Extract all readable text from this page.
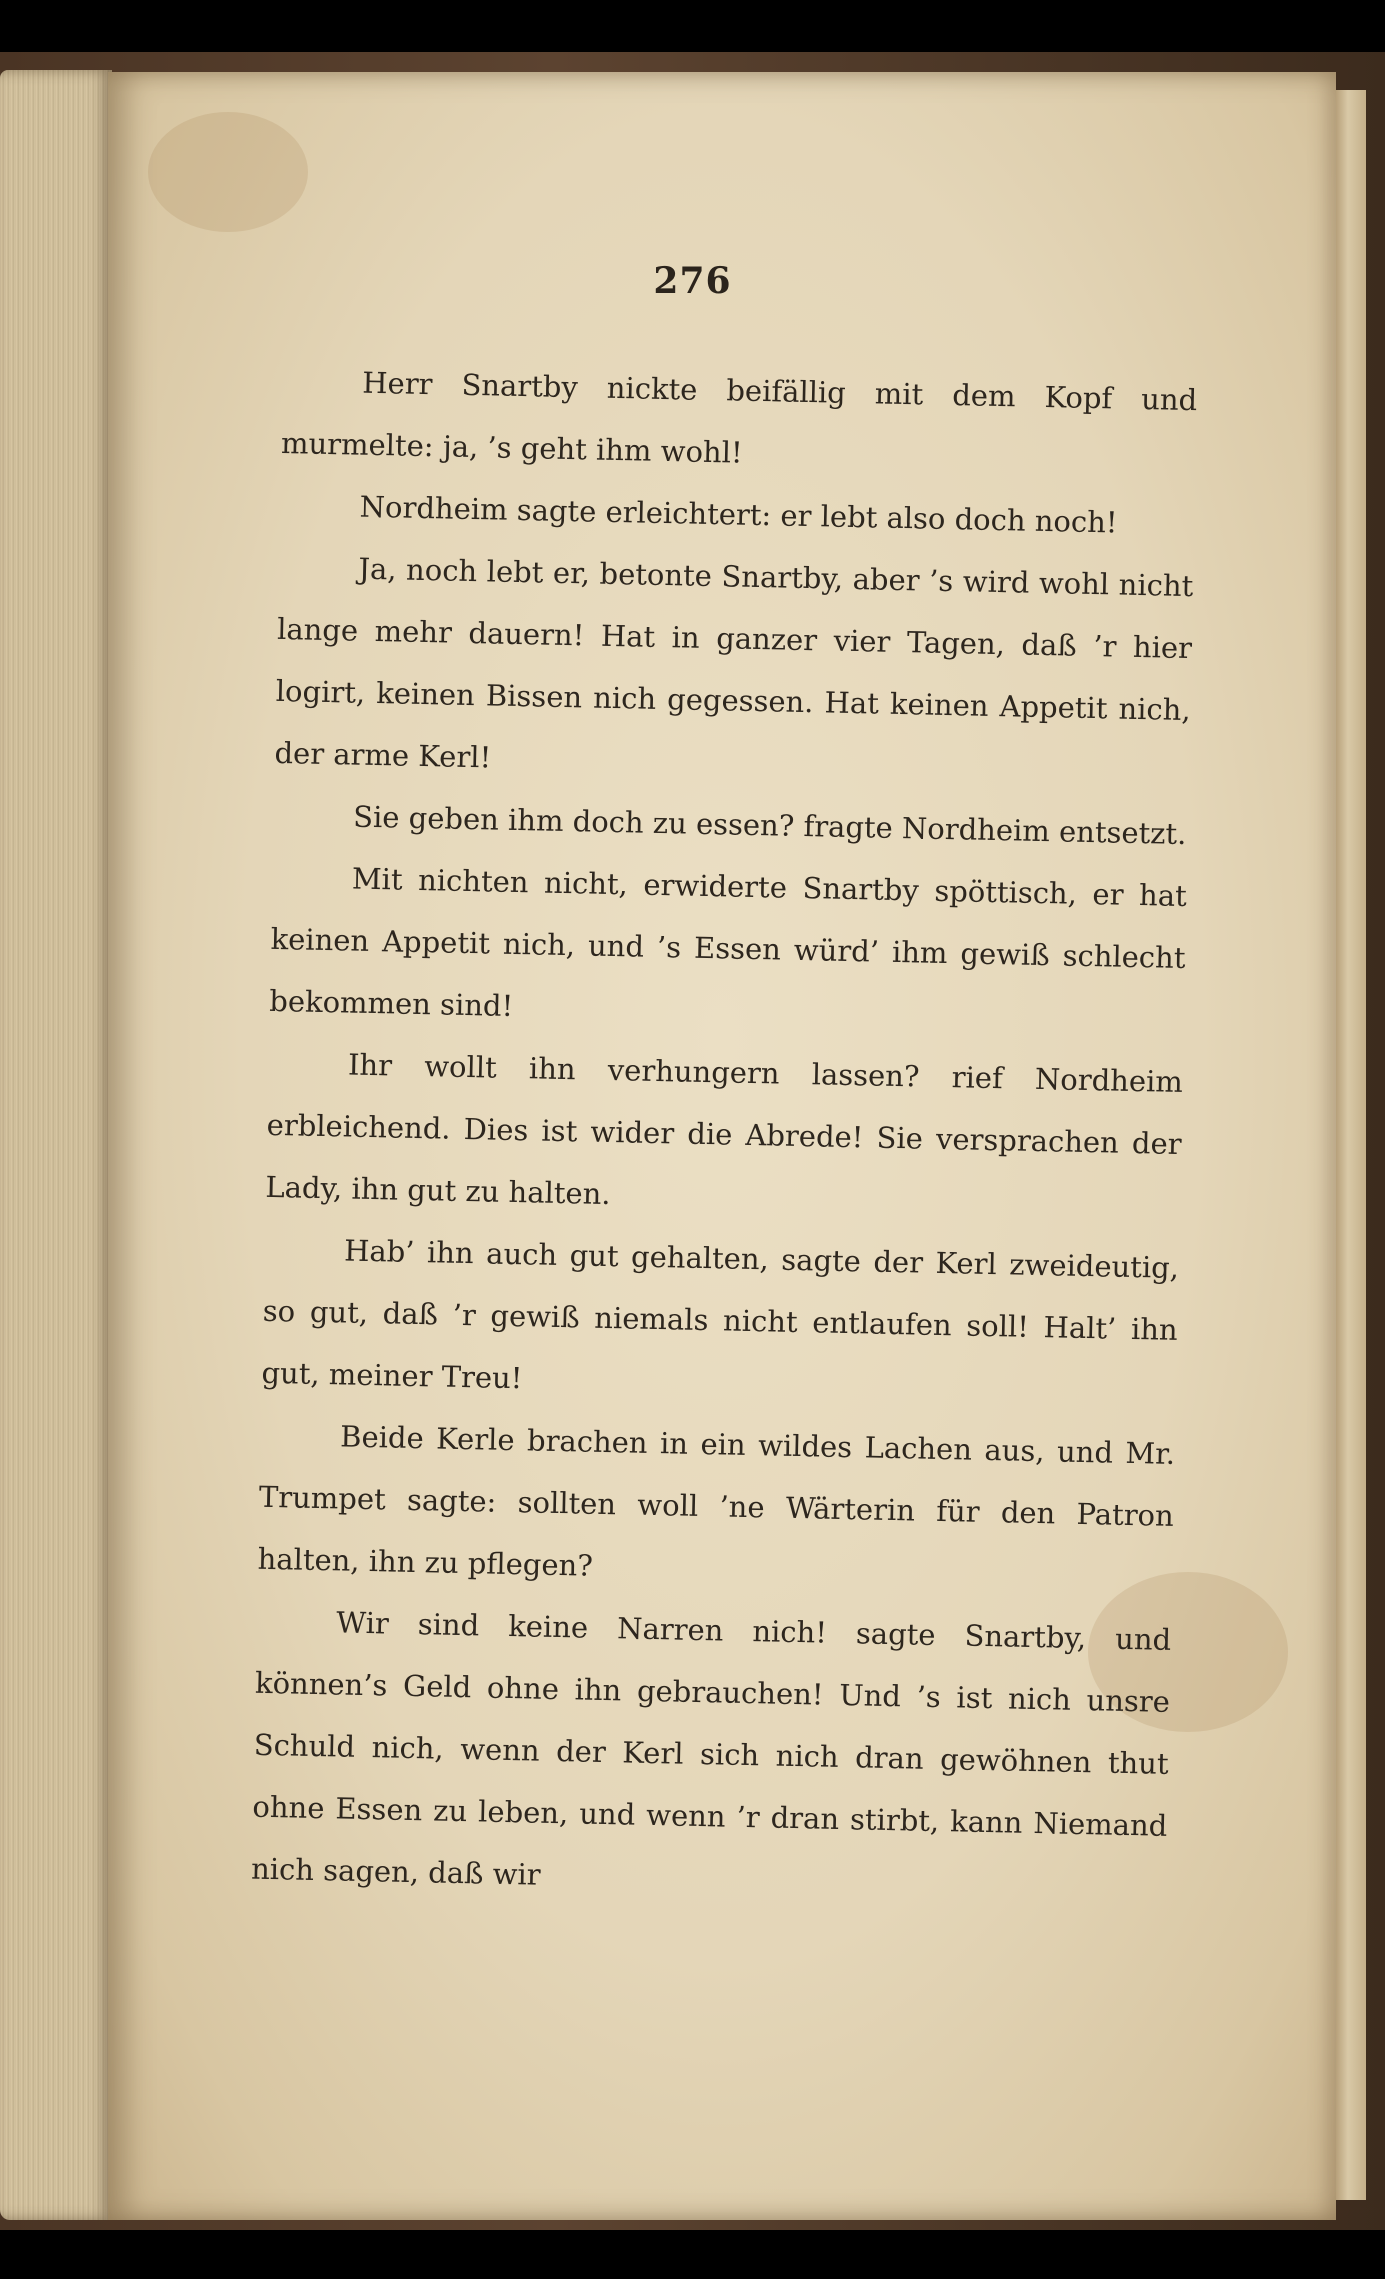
276

Herr Snartby nickte beifällig mit dem Kopf und murmelte: ja, ’s geht ihm wohl!

Nordheim sagte erleichtert: er lebt also doch noch!

Ja, noch lebt er, betonte Snartby, aber ’s wird wohl nicht lange mehr dauern! Hat in ganzer vier Tagen, daß ’r hier logirt, keinen Bissen nich gegessen. Hat keinen Appetit nich, der arme Kerl!

Sie geben ihm doch zu essen? fragte Nordheim entsetzt.

Mit nichten nicht, erwiderte Snartby spöttisch, er hat keinen Appetit nich, und ’s Essen würd’ ihm gewiß schlecht bekommen sind!

Ihr wollt ihn verhungern lassen? rief Nordheim erbleichend. Dies ist wider die Abrede! Sie versprachen der Lady, ihn gut zu halten.

Hab’ ihn auch gut gehalten, sagte der Kerl zweideutig, so gut, daß ’r gewiß niemals nicht entlaufen soll! Halt’ ihn gut, meiner Treu!

Beide Kerle brachen in ein wildes Lachen aus, und Mr. Trumpet sagte: sollten woll ’ne Wärterin für den Patron halten, ihn zu pflegen?

Wir sind keine Narren nich! sagte Snartby, und können’s Geld ohne ihn gebrauchen! Und ’s ist nich unsre Schuld nich, wenn der Kerl sich nich dran gewöhnen thut ohne Essen zu leben, und wenn ’r dran stirbt, kann Niemand nich sagen, daß wir
